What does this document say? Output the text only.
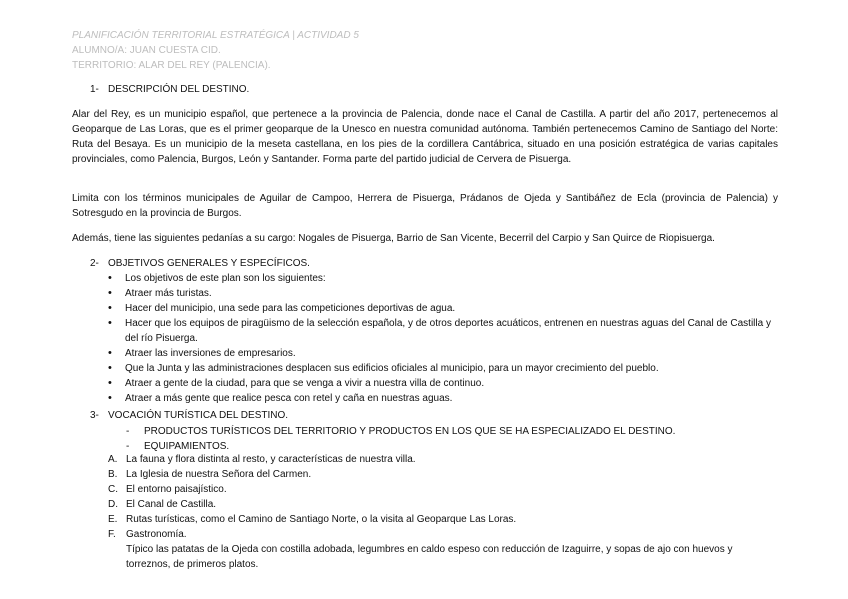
PLANIFICACIÓN TERRITORIAL ESTRATÉGICA | ACTIVIDAD 5
ALUMNO/A: JUAN CUESTA CID.
TERRITORIO: ALAR DEL REY (PALENCIA).
1- DESCRIPCIÓN DEL DESTINO.
Alar del Rey, es un municipio español, que pertenece a la provincia de Palencia, donde nace el Canal de Castilla. A partir del año 2017, pertenecemos al Geoparque de Las Loras, que es el primer geoparque de la Unesco en nuestra comunidad autónoma. También pertenecemos Camino de Santiago del Norte: Ruta del Besaya. Es un municipio de la meseta castellana, en los pies de la cordillera Cantábrica, situado en una posición estratégica de varias capitales provinciales, como Palencia, Burgos, León y Santander. Forma parte del partido judicial de Cervera de Pisuerga.
Limita con los términos municipales de Aguilar de Campoo, Herrera de Pisuerga, Prádanos de Ojeda y Santibáñez de Ecla (provincia de Palencia) y Sotresgudo en la provincia de Burgos.
Además, tiene las siguientes pedanías a su cargo: Nogales de Pisuerga, Barrio de San Vicente, Becerril del Carpio y San Quirce de Riopisuerga.
2- OBJETIVOS GENERALES Y ESPECÍFICOS.
• Los objetivos de este plan son los siguientes:
• Atraer más turistas.
• Hacer del municipio, una sede para las competiciones deportivas de agua.
• Hacer que los equipos de piragüismo de la selección española, y de otros deportes acuáticos, entrenen en nuestras aguas del Canal de Castilla y del río Pisuerga.
• Atraer las inversiones de empresarios.
• Que la Junta y las administraciones desplacen sus edificios oficiales al municipio, para un mayor crecimiento del pueblo.
• Atraer a gente de la ciudad, para que se venga a vivir a nuestra villa de continuo.
• Atraer a más gente que realice pesca con retel y caña en nuestras aguas.
3- VOCACIÓN TURÍSTICA DEL DESTINO.
- PRODUCTOS TURÍSTICOS DEL TERRITORIO Y PRODUCTOS EN LOS QUE SE HA ESPECIALIZADO EL DESTINO.
- EQUIPAMIENTOS.
A. La fauna y flora distinta al resto, y características de nuestra villa.
B. La Iglesia de nuestra Señora del Carmen.
C. El entorno paisajístico.
D. El Canal de Castilla.
E. Rutas turísticas, como el Camino de Santiago Norte, o la visita al Geoparque Las Loras.
F. Gastronomía.
Típico las patatas de la Ojeda con costilla adobada, legumbres en caldo espeso con reducción de Izaguirre, y sopas de ajo con huevos y torreznos, de primeros platos.
